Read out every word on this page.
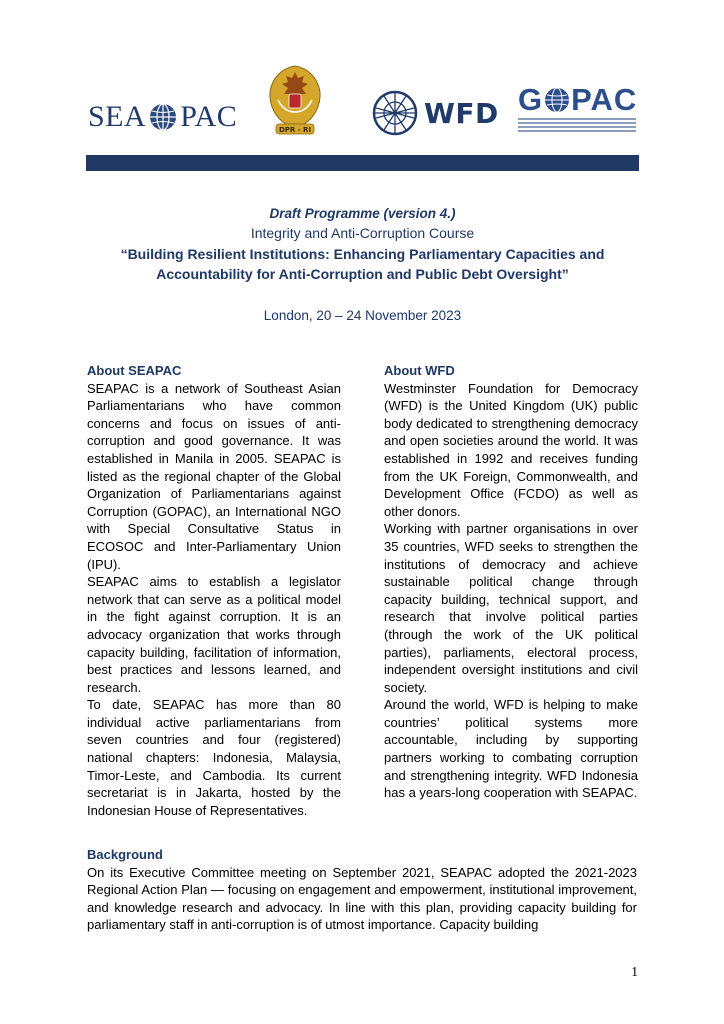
SEA PAC	DPR - RI
WFD G PAC
Draft Programme (version 4.)
Integrity and Anti-Corruption Course
“Building Resilient Institutions: Enhancing Parliamentary Capacities and
Accountability for Anti-Corruption and Public Debt Oversight”
London, 20 – 24 November 2023
About SEAPAC

SEAPAC is a network of Southeast Asian Parliamentarians who have common concerns and focus on issues of anti-corruption and good governance. It was established in Manila in 2005. SEAPAC is listed as the regional chapter of the Global Organization of Parliamentarians against Corruption (GOPAC), an International NGO with Special Consultative Status in ECOSOC and Inter-Parliamentary Union (IPU).

SEAPAC aims to establish a legislator network that can serve as a political model in the fight against corruption. It is an advocacy organization that works through capacity building, facilitation of information, best practices and lessons learned, and research.

To date, SEAPAC has more than 80 individual active parliamentarians from seven countries and four (registered) national chapters: Indonesia, Malaysia, Timor-Leste, and Cambodia. Its current secretariat is in Jakarta, hosted by the Indonesian House of Representatives.

About WFD

Westminster Foundation for Democracy (WFD) is the United Kingdom (UK) public body dedicated to strengthening democracy and open societies around the world. It was established in 1992 and receives funding from the UK Foreign, Commonwealth, and Development Office (FCDO) as well as other donors.

Working with partner organisations in over 35 countries, WFD seeks to strengthen the institutions of democracy and achieve sustainable political change through capacity building, technical support, and research that involve political parties (through the work of the UK political parties), parliaments, electoral process, independent oversight institutions and civil society.

Around the world, WFD is helping to make countries’ political systems more accountable, including by supporting partners working to combating corruption and strengthening integrity. WFD Indonesia has a years-long cooperation with SEAPAC.

Background

On its Executive Committee meeting on September 2021, SEAPAC adopted the 2021-2023 Regional Action Plan — focusing on engagement and empowerment, institutional improvement, and knowledge research and advocacy. In line with this plan, providing capacity building for parliamentary staff in anti-corruption is of utmost importance. Capacity building

1
